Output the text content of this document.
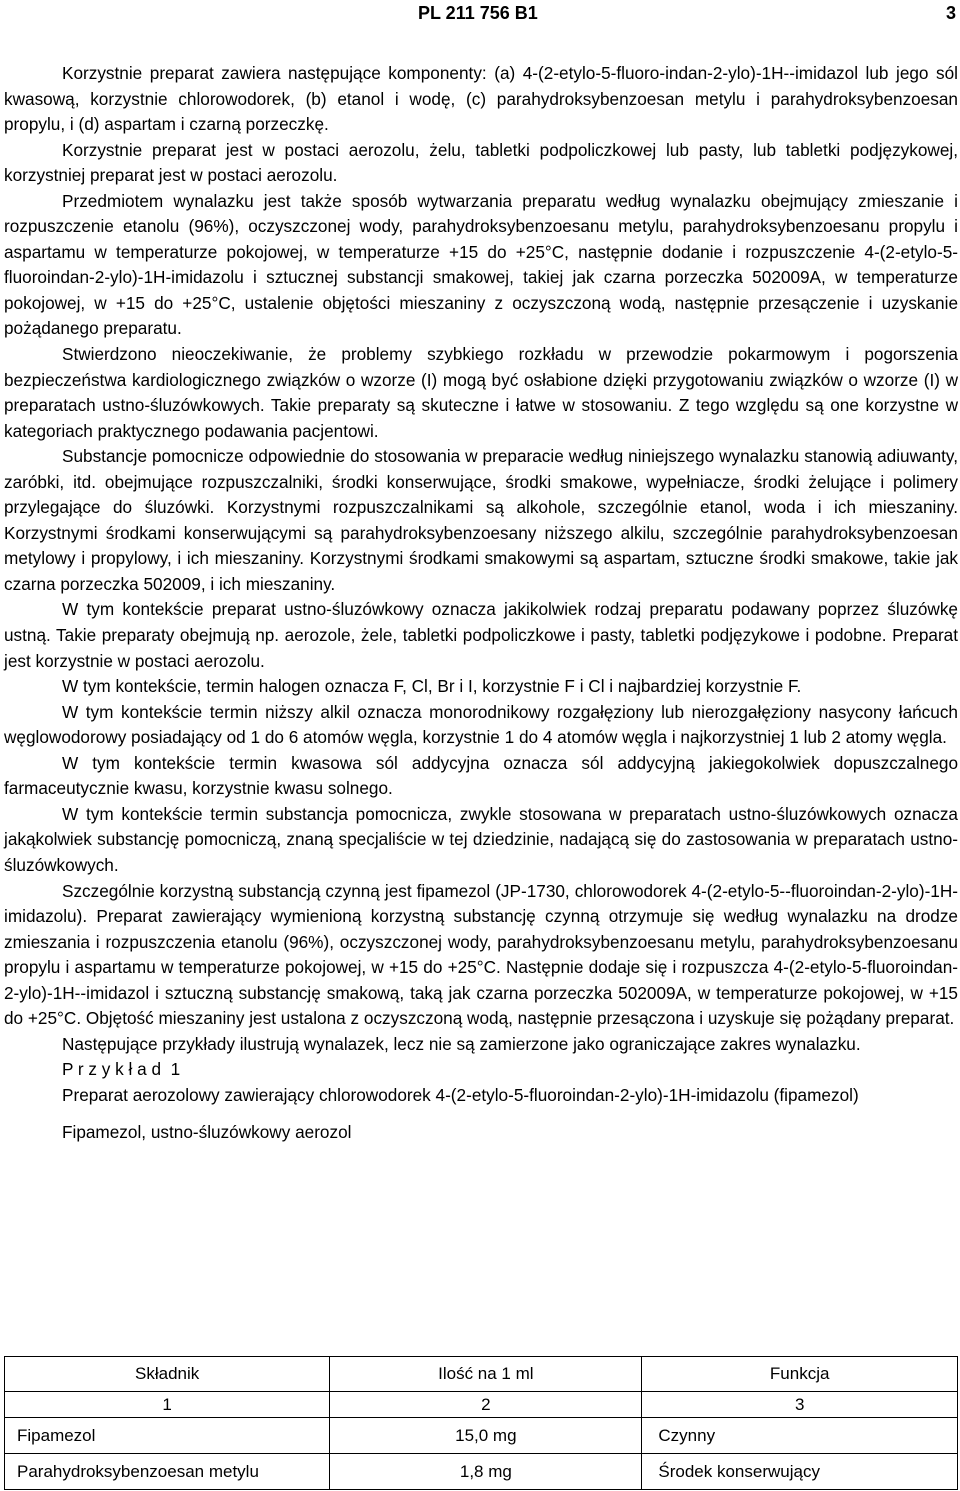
PL 211 756 B1	3

Korzystnie preparat zawiera następujące komponenty: (a) 4-(2-etylo-5-fluoro-indan-2-ylo)-1H--imidazol lub jego sól kwasową, korzystnie chlorowodorek, (b) etanol i wodę, (c) parahydroksybenzoesan metylu i parahydroksybenzoesan propylu, i (d) aspartam i czarną porzeczkę.

Korzystnie preparat jest w postaci aerozolu, żelu, tabletki podpoliczkowej lub pasty, lub tabletki podjęzykowej, korzystniej preparat jest w postaci aerozolu.

Przedmiotem wynalazku jest także sposób wytwarzania preparatu według wynalazku obejmujący zmieszanie i rozpuszczenie etanolu (96%), oczyszczonej wody, parahydroksybenzoesanu metylu, parahydroksybenzoesanu propylu i aspartamu w temperaturze pokojowej, w temperaturze +15 do +25°C, następnie dodanie i rozpuszczenie 4-(2-etylo-5-fluoroindan-2-ylo)-1H-imidazolu i sztucznej substancji smakowej, takiej jak czarna porzeczka 502009A, w temperaturze pokojowej, w +15 do +25°C, ustalenie objętości mieszaniny z oczyszczoną wodą, następnie przesączenie i uzyskanie pożądanego preparatu.

Stwierdzono nieoczekiwanie, że problemy szybkiego rozkładu w przewodzie pokarmowym i pogorszenia bezpieczeństwa kardiologicznego związków o wzorze (I) mogą być osłabione dzięki przygotowaniu związków o wzorze (I) w preparatach ustno-śluzówkowych. Takie preparaty są skuteczne i łatwe w stosowaniu. Z tego względu są one korzystne w kategoriach praktycznego podawania pacjentowi.

Substancje pomocnicze odpowiednie do stosowania w preparacie według niniejszego wynalazku stanowią adiuwanty, zaróbki, itd. obejmujące rozpuszczalniki, środki konserwujące, środki smakowe, wypełniacze, środki żelujące i polimery przylegające do śluzówki. Korzystnymi rozpuszczalnikami są alkohole, szczególnie etanol, woda i ich mieszaniny. Korzystnymi środkami konserwującymi są parahydroksybenzoesany niższego alkilu, szczególnie parahydroksybenzoesan metylowy i propylowy, i ich mieszaniny. Korzystnymi środkami smakowymi są aspartam, sztuczne środki smakowe, takie jak czarna porzeczka 502009, i ich mieszaniny.

W tym kontekście preparat ustno-śluzówkowy oznacza jakikolwiek rodzaj preparatu podawany poprzez śluzówkę ustną. Takie preparaty obejmują np. aerozole, żele, tabletki podpoliczkowe i pasty, tabletki podjęzykowe i podobne. Preparat jest korzystnie w postaci aerozolu.

W tym kontekście, termin halogen oznacza F, Cl, Br i I, korzystnie F i Cl i najbardziej korzystnie F.

W tym kontekście termin niższy alkil oznacza monorodnikowy rozgałęziony lub nierozgałęziony nasycony łańcuch węglowodorowy posiadający od 1 do 6 atomów węgla, korzystnie 1 do 4 atomów węgla i najkorzystniej 1 lub 2 atomy węgla.

W tym kontekście termin kwasowa sól addycyjna oznacza sól addycyjną jakiegokolwiek dopuszczalnego farmaceutycznie kwasu, korzystnie kwasu solnego.

W tym kontekście termin substancja pomocnicza, zwykle stosowana w preparatach ustno-śluzówkowych oznacza jakąkolwiek substancję pomocniczą, znaną specjaliście w tej dziedzinie, nadającą się do zastosowania w preparatach ustno-śluzówkowych.

Szczególnie korzystną substancją czynną jest fipamezol (JP-1730, chlorowodorek 4-(2-etylo-5--fluoroindan-2-ylo)-1H-imidazolu). Preparat zawierający wymienioną korzystną substancję czynną otrzymuje się według wynalazku na drodze zmieszania i rozpuszczenia etanolu (96%), oczyszczonej wody, parahydroksybenzoesanu metylu, parahydroksybenzoesanu propylu i aspartamu w temperaturze pokojowej, w +15 do +25°C. Następnie dodaje się i rozpuszcza 4-(2-etylo-5-fluoroindan-2-ylo)-1H--imidazol i sztuczną substancję smakową, taką jak czarna porzeczka 502009A, w temperaturze pokojowej, w +15 do +25°C. Objętość mieszaniny jest ustalona z oczyszczoną wodą, następnie przesączona i uzyskuje się pożądany preparat.

Następujące przykłady ilustrują wynalazek, lecz nie są zamierzone jako ograniczające zakres wynalazku.

P r z y k ł a d  1

Preparat aerozolowy zawierający chlorowodorek 4-(2-etylo-5-fluoroindan-2-ylo)-1H-imidazolu (fipamezol)

Fipamezol, ustno-śluzówkowy aerozol

Składnik	Ilość na 1 ml	Funkcja
1	2	3
Fipamezol	15,0 mg	Czynny
Parahydroksybenzoesan metylu	1,8 mg	Środek konserwujący
